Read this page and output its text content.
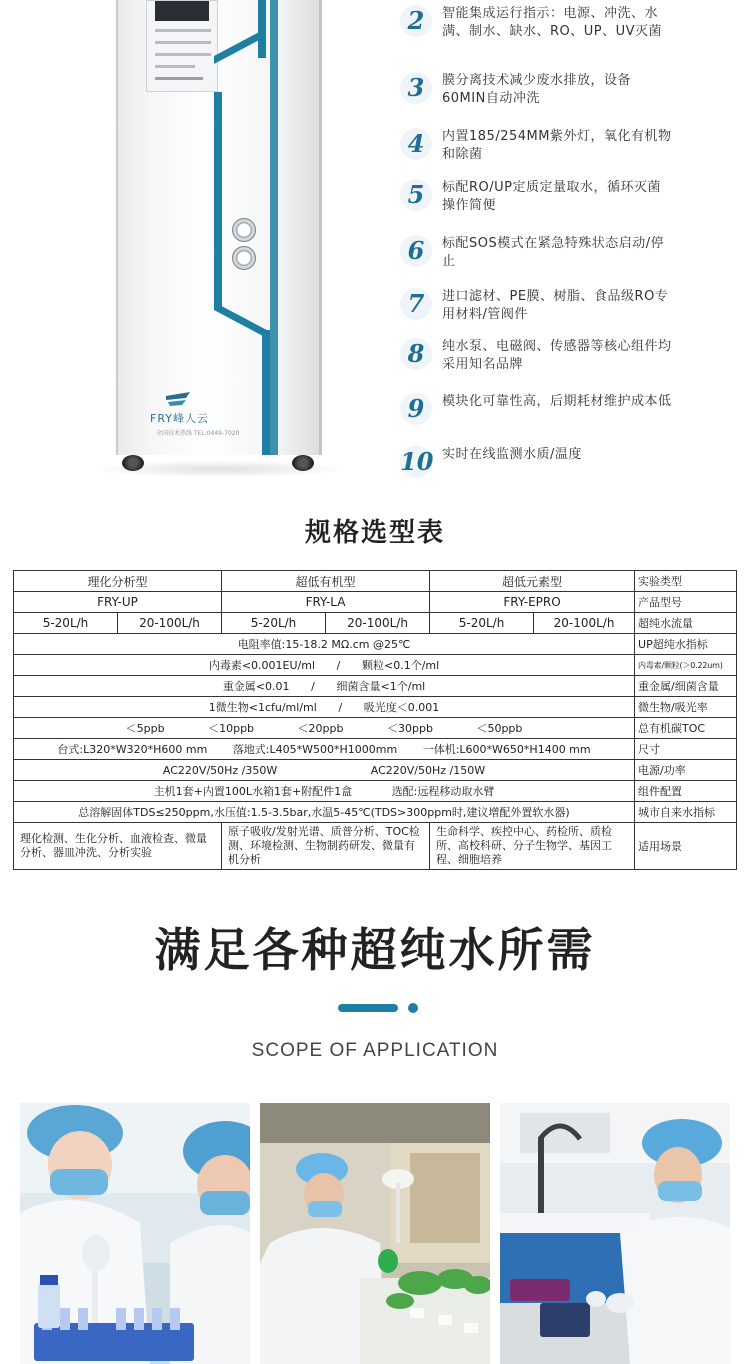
FRY峰人云
全国技术热线 TEL:0449-7020
2	智能集成运行指示：电源、冲洗、水满、制水、缺水、RO、UP、UV灭菌
3	膜分离技术减少废水排放，设备60MIN自动冲洗
4	内置185/254MM紫外灯，氧化有机物和除菌
5	标配RO/UP定质定量取水，循环灭菌操作简便
6	标配SOS模式在紧急特殊状态启动/停止
7	进口滤材、PE膜、树脂、食品级RO专用材料/管阀件
8	纯水泵、电磁阀、传感器等核心组件均采用知名品牌
9	模块化可靠性高，后期耗材维护成本低
10 实时在线监测水质/温度
规格选型表
理化分析型		超低有机型		超低元素型		实验类型
FRY-UP		FRY-LA		FRY-EPRO		产品型号
5-20L/h	20-100L/h	5-20L/h	20-100L/h	5-20L/h	20-100L/h	超纯水流量
电阻率值:15-18.2 MΩ.cm @25℃						UP超纯水指标
内毒素<0.001EU/ml / 颗粒<0.1个/ml						内毒素/颗粒(＞0.22um)
重金属<0.01 / 细菌含量<1个/ml						重金属/细菌含量
1微生物<1cfu/ml/ml / 吸光度＜0.001						微生物/吸光率
＜5ppb ＜10ppb ＜20ppb ＜30ppb ＜50ppb						总有机碳TOC
台式:L320*W320*H600 mm 落地式:L405*W500*H1000mm 一体机:L600*W650*H1400 mm						尺寸
AC220V/50Hz /350W AC220V/50Hz /150W						电源/功率
主机1套+内置100L水箱1套+附配件1盒 选配:远程移动取水臂						组件配置
总溶解固体TDS≤250ppm,水压值:1.5-3.5bar,水温5-45℃(TDS>300ppm时,建议增配外置软水器)						城市自来水指标
理化检测、生化分析、血液检查、微量分析、器皿冲洗、分析实验		原子吸收/发射光谱、质普分析、TOC检测、环境检测、生物制药研发、微量有机分析		生命科学、疾控中心、药检所、质检所、高校科研、分子生物学、基因工程、细胞培养		适用场景
满足各种超纯水所需
SCOPE OF APPLICATION
